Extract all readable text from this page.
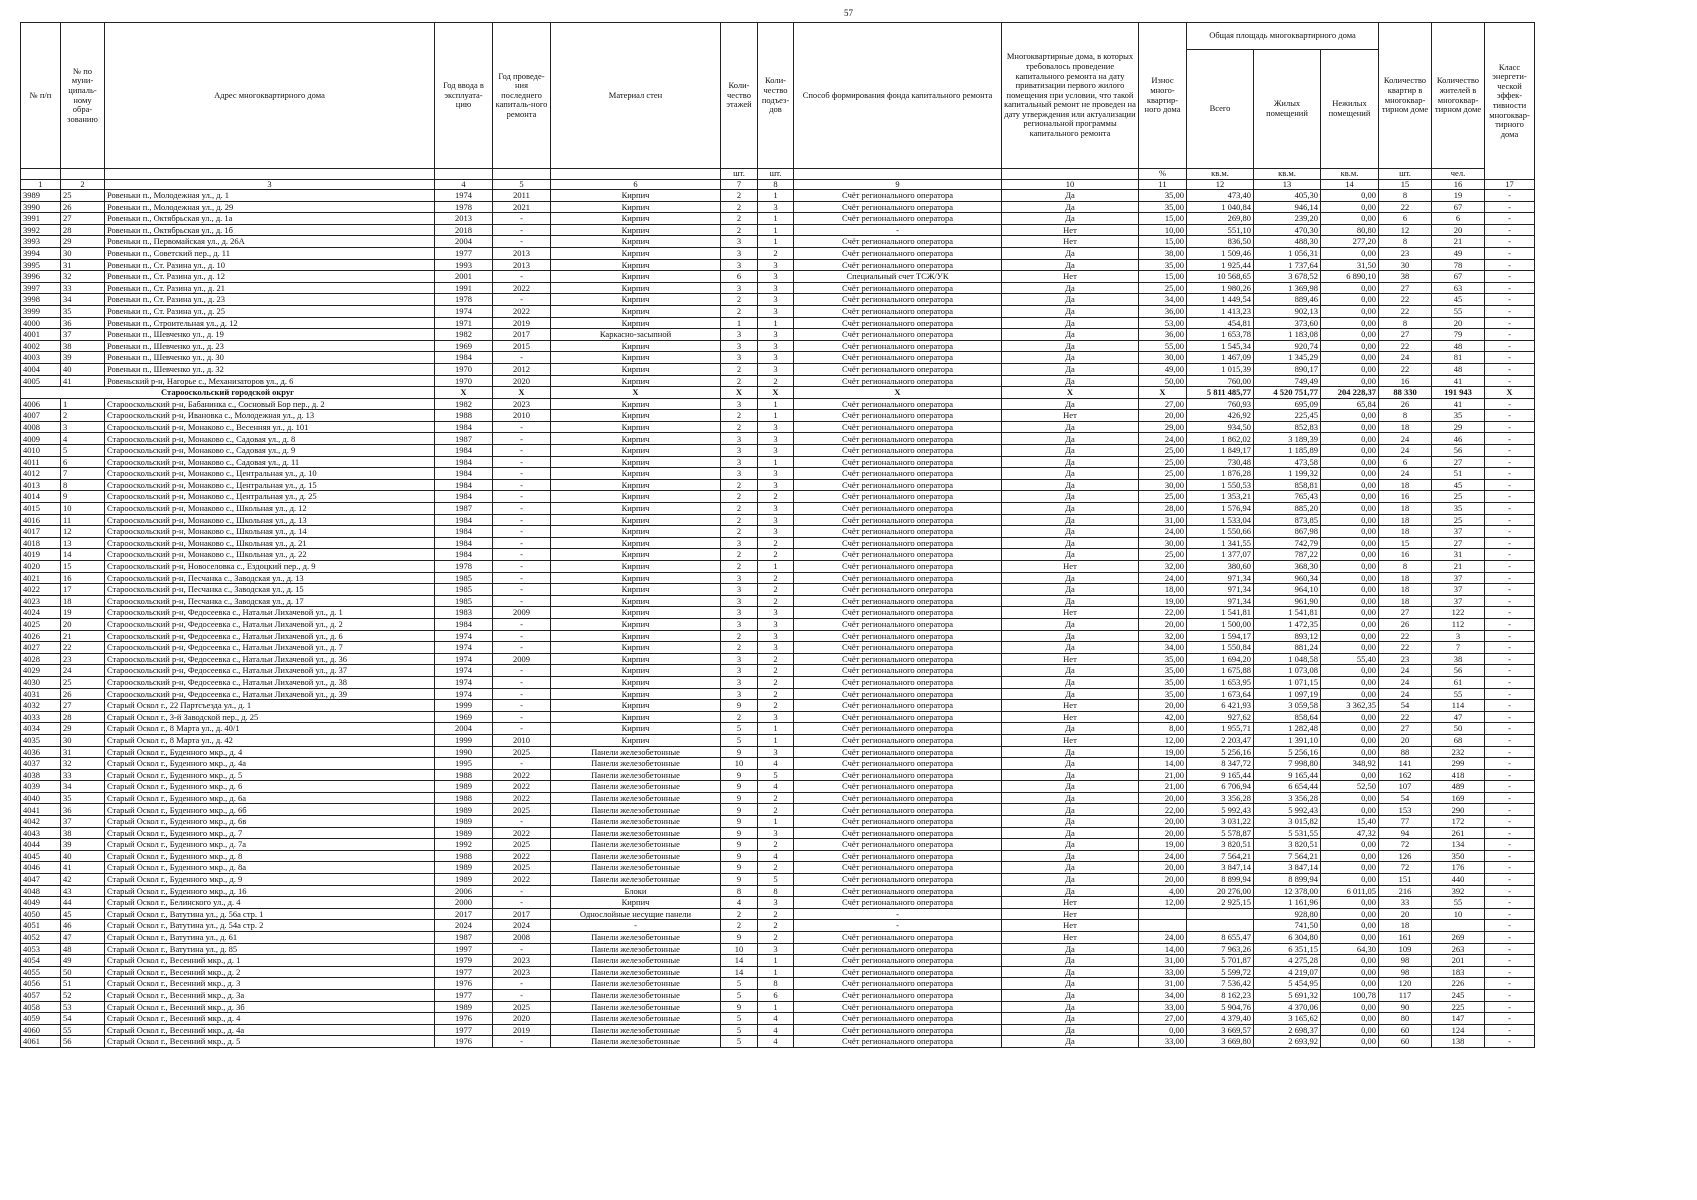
57
№ п/п	№ по муни-ципаль-ному обра-зованию	Адрес многоквартирного дома	Год ввода в эксплуата-цию	Год проведе-ния последнего капиталь-ного ремонта	Материал стен	Коли-чество этажей	Коли-чество подъез-дов	Способ формирования фонда капитального ремонта	Многоквартирные дома, в которых требовалось проведение капитального ремонта на дату приватизации первого жилого помещения при условии, что такой капитальный ремонт не проведен на дату утверждения или актуализации региональной программы капитального ремонта	Износ много-квартир-ного дома	Общая площадь многоквартирного дома			Количество квартир в многоквар-тирном доме	Количество жителей в многоквар-тирном доме	Класс энергети-ческой эффек-тивности многоквар-тирного дома
											Всего	Жилых помещений	Нежилых помещений			
						шт.	шт.			%	кв.м.	кв.м.	кв.м.	шт.	чел.	
1	2	3	4	5	6	7	8	9	10	11	12	13	14	15	16	17
3989	25	Ровеньки п., Молодежная ул., д. 1	1974	2011	Кирпич	2	1	Счёт регионального оператора	Да	35,00	473,40	405,30	0,00	8	19	-
3990	26	Ровеньки п., Молодежная ул., д. 29	1978	2021	Кирпич	2	3	Счёт регионального оператора	Да	35,00	1 040,84	946,14	0,00	22	67	-
3991	27	Ровеньки п., Октябрьская ул., д. 1а	2013	-	Кирпич	2	1	Счёт регионального оператора	Да	15,00	269,80	239,20	0,00	6	6	-
3992	28	Ровеньки п., Октябрьская ул., д. 1б	2018	-	Кирпич	2	1	-	Нет	10,00	551,10	470,30	80,80	12	20	-
3993	29	Ровеньки п., Первомайская ул., д. 26А	2004	-	Кирпич	3	1	Счёт регионального оператора	Нет	15,00	836,50	488,30	277,20	8	21	-
3994	30	Ровеньки п., Советский пер., д. 11	1977	2013	Кирпич	3	2	Счёт регионального оператора	Да	38,00	1 509,46	1 056,31	0,00	23	49	-
3995	31	Ровеньки п., Ст. Разина ул., д. 10	1993	2013	Кирпич	3	3	Счёт регионального оператора	Да	35,00	1 925,44	1 737,64	31,50	30	78	-
3996	32	Ровеньки п., Ст. Разина ул., д. 12	2001	-	Кирпич	6	3	Специальный счет ТСЖ/УК	Нет	15,00	10 568,65	3 678,52	6 890,10	38	67	-
3997	33	Ровеньки п., Ст. Разина ул., д. 21	1991	2022	Кирпич	3	3	Счёт регионального оператора	Да	25,00	1 980,26	1 369,98	0,00	27	63	-
3998	34	Ровеньки п., Ст. Разина ул., д. 23	1978	-	Кирпич	2	3	Счёт регионального оператора	Да	34,00	1 449,54	889,46	0,00	22	45	-
3999	35	Ровеньки п., Ст. Разина ул., д. 25	1974	2022	Кирпич	2	3	Счёт регионального оператора	Да	36,00	1 413,23	902,13	0,00	22	55	-
4000	36	Ровеньки п., Строительная ул., д. 12	1971	2019	Кирпич	1	1	Счёт регионального оператора	Да	53,00	454,81	373,60	0,00	8	20	-
4001	37	Ровеньки п., Шевченко ул., д. 19	1982	2017	Каркасно-засыпной	3	3	Счёт регионального оператора	Да	36,00	1 653,78	1 183,08	0,00	27	79	-
4002	38	Ровеньки п., Шевченко ул., д. 23	1969	2015	Кирпич	3	3	Счёт регионального оператора	Да	55,00	1 545,34	920,74	0,00	22	48	-
4003	39	Ровеньки п., Шевченко ул., д. 30	1984	-	Кирпич	3	3	Счёт регионального оператора	Да	30,00	1 467,09	1 345,29	0,00	24	81	-
4004	40	Ровеньки п., Шевченко ул., д. 32	1970	2012	Кирпич	2	3	Счёт регионального оператора	Да	49,00	1 015,39	890,17	0,00	22	48	-
4005	41	Ровеньский р-н, Нагорье с., Механизаторов ул., д. 6	1970	2020	Кирпич	2	2	Счёт регионального оператора	Да	50,00	760,00	749,49	0,00	16	41	-
Старооскольский городской округ			X	X	X	X	X	X	X	X	5 811 485,77	4 520 751,77	204 228,37	88 330	191 943	X
4006	1	Старооскольский р-н, Бабанинка с., Сосновый Бор пер., д. 2	1982	2023	Кирпич	3	1	Счёт регионального оператора	Да	27,00	760,93	695,09	65,84	26	41	-
4007	2	Старооскольский р-н, Ивановка с., Молодежная ул., д. 13	1988	2010	Кирпич	2	1	Счёт регионального оператора	Нет	20,00	426,92	225,45	0,00	8	35	-
4008	3	Старооскольский р-н, Монаково с., Весенняя ул., д. 101	1984	-	Кирпич	2	3	Счёт регионального оператора	Да	29,00	934,50	852,83	0,00	18	29	-
4009	4	Старооскольский р-н, Монаково с., Садовая ул., д. 8	1987	-	Кирпич	3	3	Счёт регионального оператора	Да	24,00	1 862,02	3 189,39	0,00	24	46	-
4010	5	Старооскольский р-н, Монаково с., Садовая ул., д. 9	1984	-	Кирпич	3	3	Счёт регионального оператора	Да	25,00	1 849,17	1 185,89	0,00	24	56	-
4011	6	Старооскольский р-н, Монаково с., Садовая ул., д. 11	1984	-	Кирпич	3	1	Счёт регионального оператора	Да	25,00	730,48	473,58	0,00	6	27	-
4012	7	Старооскольский р-н, Монаково с., Центральная ул., д. 10	1984	-	Кирпич	3	3	Счёт регионального оператора	Да	25,00	1 876,28	1 199,32	0,00	24	51	-
4013	8	Старооскольский р-н, Монаково с., Центральная ул., д. 15	1984	-	Кирпич	2	3	Счёт регионального оператора	Да	30,00	1 550,53	858,81	0,00	18	45	-
4014	9	Старооскольский р-н, Монаково с., Центральная ул., д. 25	1984	-	Кирпич	2	2	Счёт регионального оператора	Да	25,00	1 353,21	765,43	0,00	16	25	-
4015	10	Старооскольский р-н, Монаково с., Школьная ул., д. 12	1987	-	Кирпич	2	3	Счёт регионального оператора	Да	28,00	1 576,94	885,20	0,00	18	35	-
4016	11	Старооскольский р-н, Монаково с., Школьная ул., д. 13	1984	-	Кирпич	2	3	Счёт регионального оператора	Да	31,00	1 533,04	873,85	0,00	18	25	-
4017	12	Старооскольский р-н, Монаково с., Школьная ул., д. 14	1984	-	Кирпич	2	3	Счёт регионального оператора	Да	24,00	1 550,66	867,98	0,00	18	37	-
4018	13	Старооскольский р-н, Монаково с., Школьная ул., д. 21	1984	-	Кирпич	3	2	Счёт регионального оператора	Да	30,00	1 341,55	742,79	0,00	15	27	-
4019	14	Старооскольский р-н, Монаково с., Школьная ул., д. 22	1984	-	Кирпич	2	2	Счёт регионального оператора	Да	25,00	1 377,07	787,22	0,00	16	31	-
4020	15	Старооскольский р-н, Новоселовка с., Ездоцкий пер., д. 9	1978	-	Кирпич	2	1	Счёт регионального оператора	Нет	32,00	380,60	368,30	0,00	8	21	-
4021	16	Старооскольский р-н, Песчанка с., Заводская ул., д. 13	1985	-	Кирпич	3	2	Счёт регионального оператора	Да	24,00	971,34	960,34	0,00	18	37	-
4022	17	Старооскольский р-н, Песчанка с., Заводская ул., д. 15	1985	-	Кирпич	3	2	Счёт регионального оператора	Да	18,00	971,34	964,10	0,00	18	37	-
4023	18	Старооскольский р-н, Песчанка с., Заводская ул., д. 17	1985	-	Кирпич	3	2	Счёт регионального оператора	Да	19,00	971,34	961,90	0,00	18	37	-
4024	19	Старооскольский р-н, Федосеевка с., Натальи Лихачевой ул., д. 1	1983	2009	Кирпич	3	3	Счёт регионального оператора	Нет	22,00	1 541,81	1 541,81	0,00	27	122	-
4025	20	Старооскольский р-н, Федосеевка с., Натальи Лихачевой ул., д. 2	1984	-	Кирпич	3	3	Счёт регионального оператора	Да	20,00	1 500,00	1 472,35	0,00	26	112	-
4026	21	Старооскольский р-н, Федосеевка с., Натальи Лихачевой ул., д. 6	1974	-	Кирпич	2	3	Счёт регионального оператора	Да	32,00	1 594,17	893,12	0,00	22	3	-
4027	22	Старооскольский р-н, Федосеевка с., Натальи Лихачевой ул., д. 7	1974	-	Кирпич	2	3	Счёт регионального оператора	Да	34,00	1 550,84	881,24	0,00	22	7	-
4028	23	Старооскольский р-н, Федосеевка с., Натальи Лихачевой ул., д. 36	1974	2009	Кирпич	3	2	Счёт регионального оператора	Нет	35,00	1 694,20	1 048,58	55,40	23	38	-
4029	24	Старооскольский р-н, Федосеевка с., Натальи Лихачевой ул., д. 37	1974	-	Кирпич	3	2	Счёт регионального оператора	Да	35,00	1 675,88	1 073,08	0,00	24	56	-
4030	25	Старооскольский р-н, Федосеевка с., Натальи Лихачевой ул., д. 38	1974	-	Кирпич	3	2	Счёт регионального оператора	Да	35,00	1 653,95	1 071,15	0,00	24	61	-
4031	26	Старооскольский р-н, Федосеевка с., Натальи Лихачевой ул., д. 39	1974	-	Кирпич	3	2	Счёт регионального оператора	Да	35,00	1 673,64	1 097,19	0,00	24	55	-
4032	27	Старый Оскол г., 22 Партсъезда ул., д. 1	1999	-	Кирпич	9	2	Счёт регионального оператора	Нет	20,00	6 421,93	3 059,58	3 362,35	54	114	-
4033	28	Старый Оскол г., 3-й Заводской пер., д. 25	1969	-	Кирпич	2	3	Счёт регионального оператора	Нет	42,00	927,62	858,64	0,00	22	47	-
4034	29	Старый Оскол г., 8 Марта ул., д. 40/1	2004	-	Кирпич	5	1	Счёт регионального оператора	Да	8,00	1 955,71	1 282,48	0,00	27	50	-
4035	30	Старый Оскол г., 8 Марта ул., д. 42	1999	2010	Кирпич	5	1	Счёт регионального оператора	Нет	12,00	2 203,47	1 391,10	0,00	20	68	-
4036	31	Старый Оскол г., Буденного мкр., д. 4	1990	2025	Панели железобетонные	9	3	Счёт регионального оператора	Да	19,00	5 256,16	5 256,16	0,00	88	232	-
4037	32	Старый Оскол г., Буденного мкр., д. 4а	1995	-	Панели железобетонные	10	4	Счёт регионального оператора	Да	14,00	8 347,72	7 998,80	348,92	141	299	-
4038	33	Старый Оскол г., Буденного мкр., д. 5	1988	2022	Панели железобетонные	9	5	Счёт регионального оператора	Да	21,00	9 165,44	9 165,44	0,00	162	418	-
4039	34	Старый Оскол г., Буденного мкр., д. 6	1989	2022	Панели железобетонные	9	4	Счёт регионального оператора	Да	21,00	6 706,94	6 654,44	52,50	107	489	-
4040	35	Старый Оскол г., Буденного мкр., д. 6а	1988	2022	Панели железобетонные	9	2	Счёт регионального оператора	Да	20,00	3 356,28	3 356,28	0,00	54	169	-
4041	36	Старый Оскол г., Буденного мкр., д. 6б	1989	2025	Панели железобетонные	9	2	Счёт регионального оператора	Да	22,00	5 992,43	5 992,43	0,00	153	290	-
4042	37	Старый Оскол г., Буденного мкр., д. 6в	1989	-	Панели железобетонные	9	1	Счёт регионального оператора	Да	20,00	3 031,22	3 015,82	15,40	77	172	-
4043	38	Старый Оскол г., Буденного мкр., д. 7	1989	2022	Панели железобетонные	9	3	Счёт регионального оператора	Да	20,00	5 578,87	5 531,55	47,32	94	261	-
4044	39	Старый Оскол г., Буденного мкр., д. 7а	1992	2025	Панели железобетонные	9	2	Счёт регионального оператора	Да	19,00	3 820,51	3 820,51	0,00	72	134	-
4045	40	Старый Оскол г., Буденного мкр., д. 8	1988	2022	Панели железобетонные	9	4	Счёт регионального оператора	Да	24,00	7 564,21	7 564,21	0,00	126	350	-
4046	41	Старый Оскол г., Буденного мкр., д. 8а	1989	2025	Панели железобетонные	9	2	Счёт регионального оператора	Да	20,00	3 847,14	3 847,14	0,00	72	176	-
4047	42	Старый Оскол г., Буденного мкр., д. 9	1989	2022	Панели железобетонные	9	5	Счёт регионального оператора	Да	20,00	8 899,94	8 899,94	0,00	151	440	-
4048	43	Старый Оскол г., Буденного мкр., д. 16	2006	-	Блоки	8	8	Счёт регионального оператора	Да	4,00	20 276,00	12 378,00	6 011,05	216	392	-
4049	44	Старый Оскол г., Белинского ул., д. 4	2000	-	Кирпич	4	3	Счёт регионального оператора	Нет	12,00	2 925,15	1 161,96	0,00	33	55	-
4050	45	Старый Оскол г., Ватутина ул., д. 56а стр. 1	2017	2017	Однослойные несущие панели	2	2	-	Нет			928,80	0,00	20	10	-
4051	46	Старый Оскол г., Ватутина ул., д. 54а стр. 2	2024	2024	-	2	2	-	Нет			741,50	0,00	18		-
4052	47	Старый Оскол г., Ватутина ул., д. 61	1987	2008	Панели железобетонные	9	2	Счёт регионального оператора	Нет	24,00	8 655,47	6 304,80	0,00	161	269	-
4053	48	Старый Оскол г., Ватутина ул., д. 85	1997	-	Панели железобетонные	10	3	Счёт регионального оператора	Да	14,00	7 963,26	6 351,15	64,30	109	263	-
4054	49	Старый Оскол г., Весенний мкр., д. 1	1979	2023	Панели железобетонные	14	1	Счёт регионального оператора	Да	31,00	5 701,87	4 275,28	0,00	98	201	-
4055	50	Старый Оскол г., Весенний мкр., д. 2	1977	2023	Панели железобетонные	14	1	Счёт регионального оператора	Да	33,00	5 599,72	4 219,07	0,00	98	183	-
4056	51	Старый Оскол г., Весенний мкр., д. 3	1976	-	Панели железобетонные	5	8	Счёт регионального оператора	Да	31,00	7 536,42	5 454,95	0,00	120	226	-
4057	52	Старый Оскол г., Весенний мкр., д. 3а	1977	-	Панели железобетонные	5	6	Счёт регионального оператора	Да	34,00	8 162,23	5 691,32	100,78	117	245	-
4058	53	Старый Оскол г., Весенний мкр., д. 3б	1989	2025	Панели железобетонные	9	1	Счёт регионального оператора	Да	33,00	5 904,76	4 370,06	0,00	90	225	-
4059	54	Старый Оскол г., Весенний мкр., д. 4	1976	2020	Панели железобетонные	5	4	Счёт регионального оператора	Да	27,00	4 379,40	3 165,62	0,00	80	147	-
4060	55	Старый Оскол г., Весенний мкр., д. 4а	1977	2019	Панели железобетонные	5	4	Счёт регионального оператора	Да	0,00	3 669,57	2 698,37	0,00	60	124	-
4061	56	Старый Оскол г., Весенний мкр., д. 5	1976	-	Панели железобетонные	5	4	Счёт регионального оператора	Да	33,00	3 669,80	2 693,92	0,00	60	138	-
